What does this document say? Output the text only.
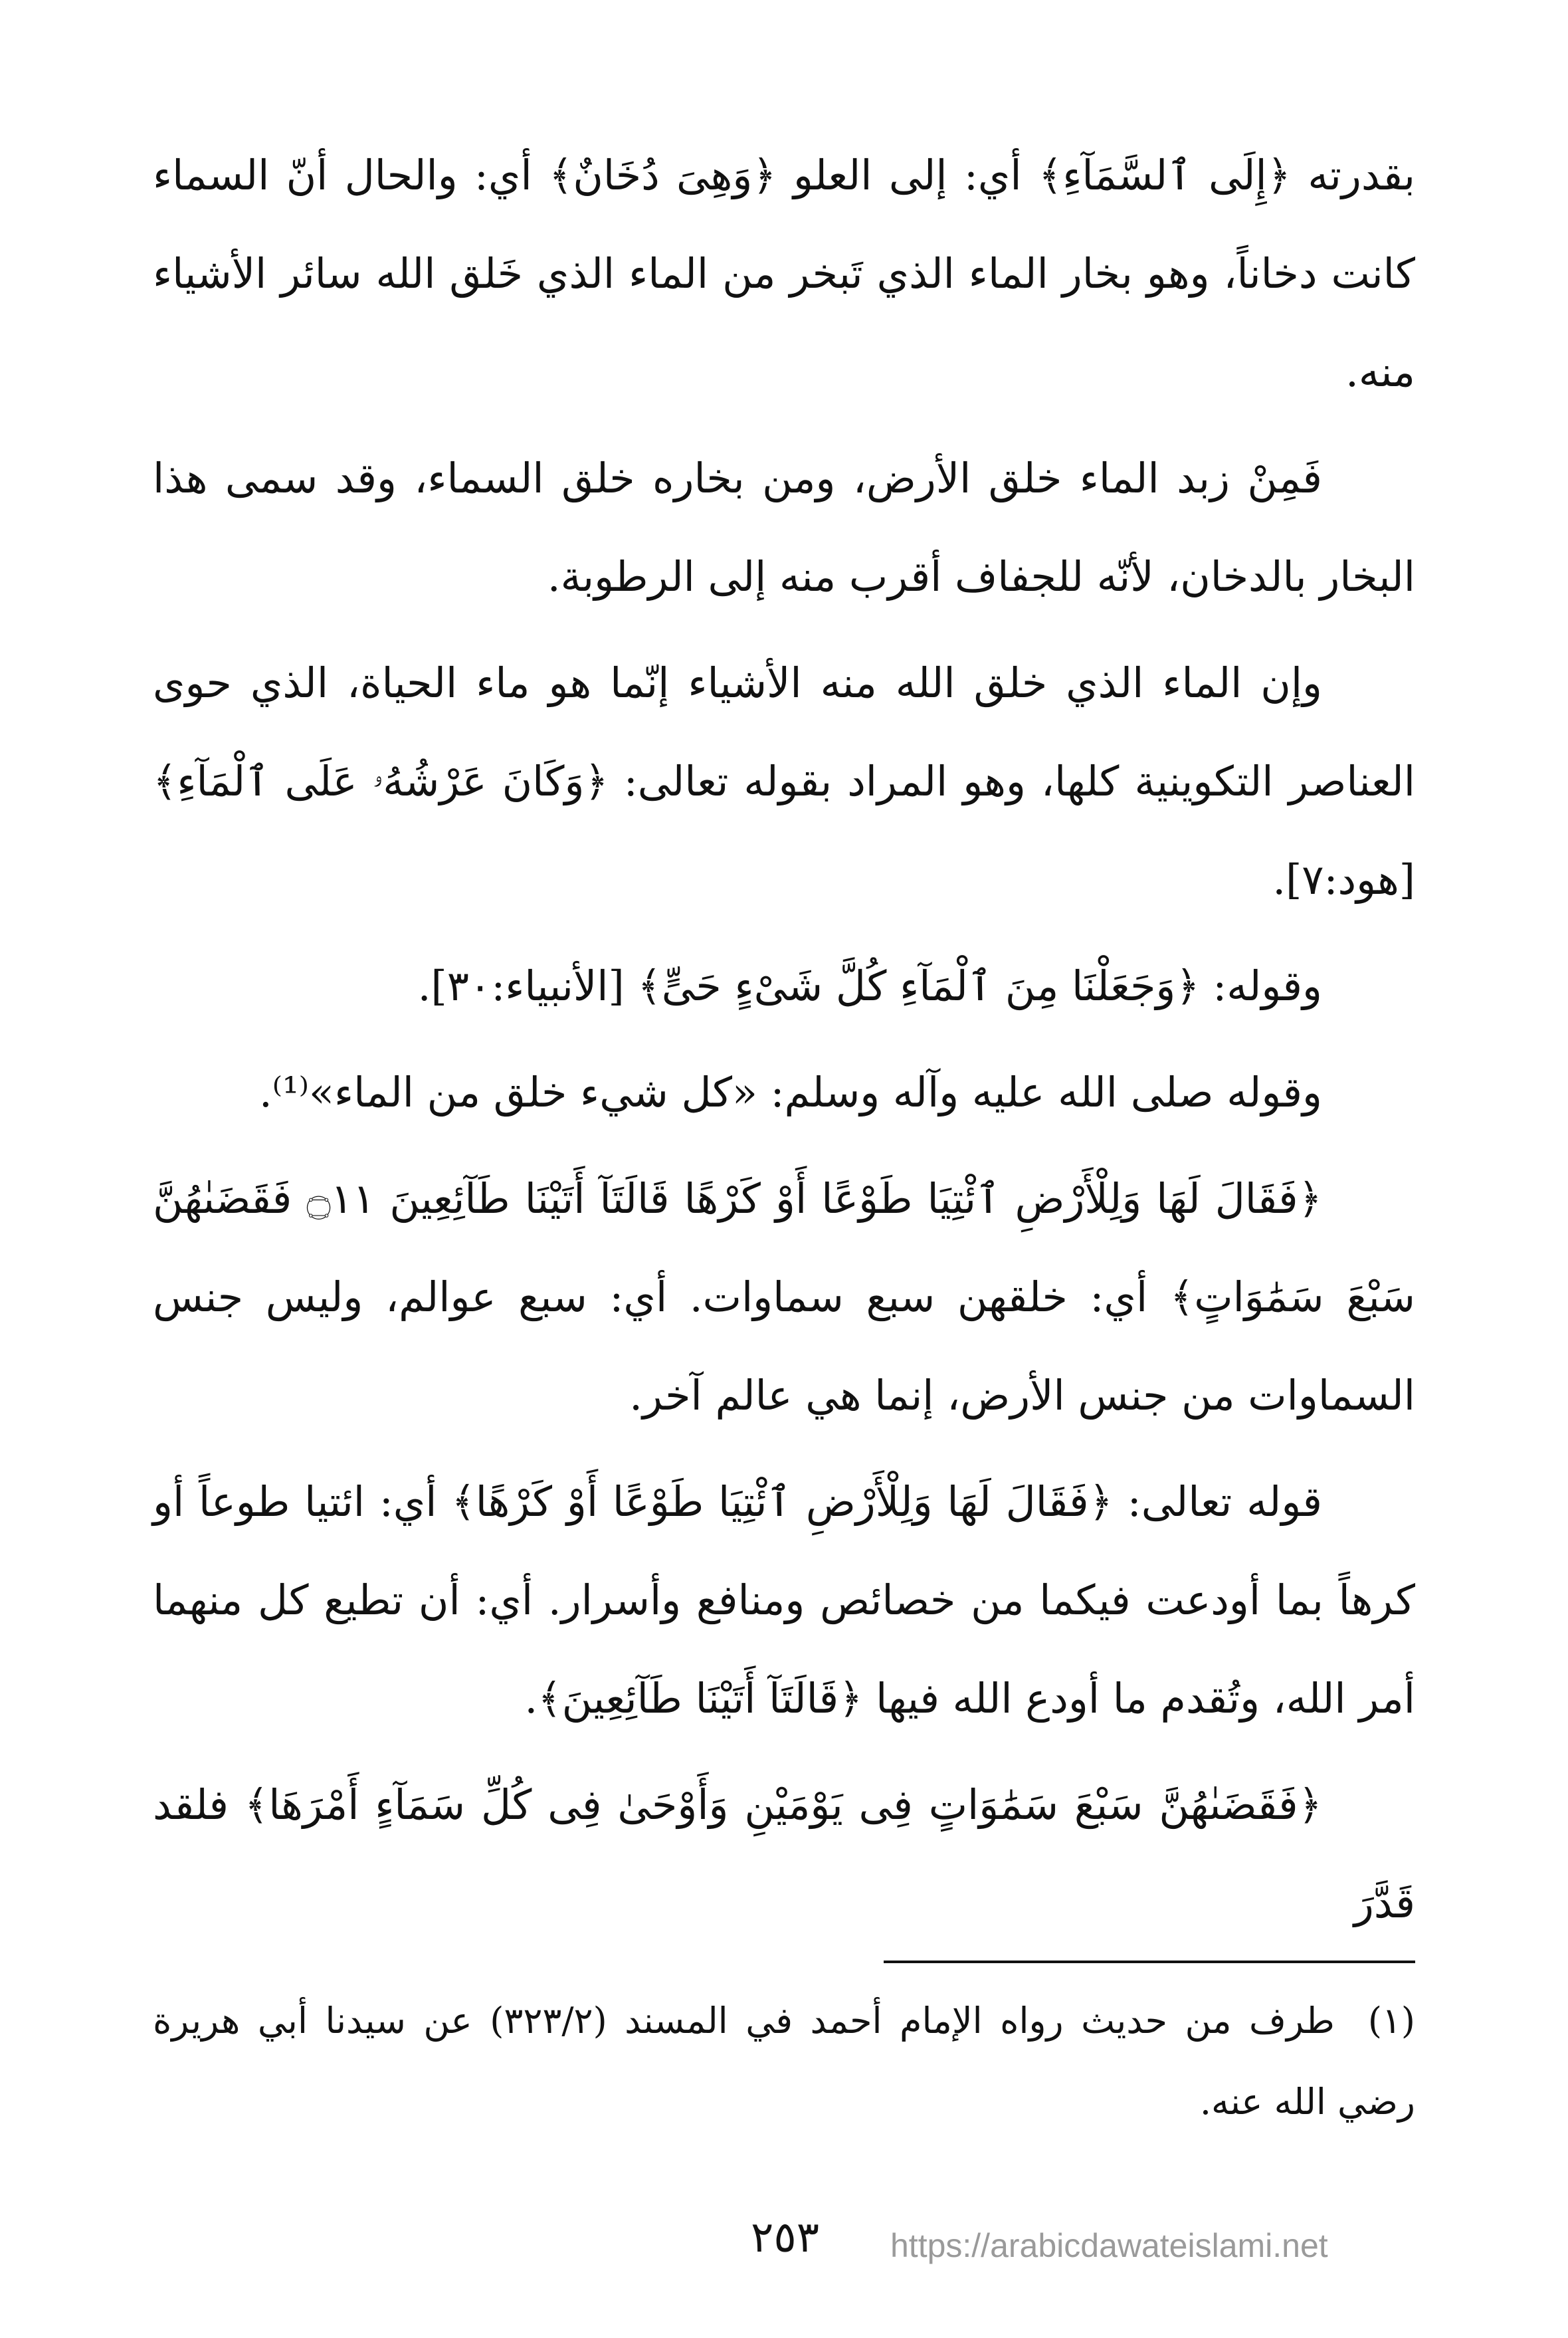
بقدرته ﴿إِلَى ٱلسَّمَآءِ﴾ أي: إلى العلو ﴿وَهِىَ دُخَانٌ﴾ أي: والحال أنّ السماء كانت دخاناً، وهو بخار الماء الذي تَبخر من الماء الذي خَلق الله سائر الأشياء منه.

فَمِنْ زبد الماء خلق الأرض، ومن بخاره خلق السماء، وقد سمى هذا البخار بالدخان، لأنّه للجفاف أقرب منه إلى الرطوبة.

وإن الماء الذي خلق الله منه الأشياء إنّما هو ماء الحياة، الذي حوى العناصر التكوينية كلها، وهو المراد بقوله تعالى: ﴿وَكَانَ عَرْشُهُۥ عَلَى ٱلْمَآءِ﴾ [هود:٧].

وقوله: ﴿وَجَعَلْنَا مِنَ ٱلْمَآءِ كُلَّ شَىْءٍ حَىٍّ﴾ [الأنبياء:٣٠].

وقوله صلى الله عليه وآله وسلم: «كل شيء خلق من الماء»⁽¹⁾.

﴿فَقَالَ لَهَا وَلِلْأَرْضِ ٱئْتِيَا طَوْعًا أَوْ كَرْهًا قَالَتَآ أَتَيْنَا طَآئِعِينَ ۝١١ فَقَضَىٰهُنَّ سَبْعَ سَمَٰوَاتٍ﴾ أي: خلقهن سبع سماوات. أي: سبع عوالم، وليس جنس السماوات من جنس الأرض، إنما هي عالم آخر.

قوله تعالى: ﴿فَقَالَ لَهَا وَلِلْأَرْضِ ٱئْتِيَا طَوْعًا أَوْ كَرْهًا﴾ أي: ائتيا طوعاً أو كرهاً بما أودعت فيكما من خصائص ومنافع وأسرار. أي: أن تطيع كل منهما أمر الله، وتُقدم ما أودع الله فيها ﴿قَالَتَآ أَتَيْنَا طَآئِعِينَ﴾.

﴿فَقَضَىٰهُنَّ سَبْعَ سَمَٰوَاتٍ فِى يَوْمَيْنِ وَأَوْحَىٰ فِى كُلِّ سَمَآءٍ أَمْرَهَا﴾ فلقد قَدَّرَ

(١)طرف من حديث رواه الإمام أحمد في المسند (٣٢٣/٢) عن سيدنا أبي هريرة رضي الله عنه.
٢٥٣ https://arabicdawateislami.net
